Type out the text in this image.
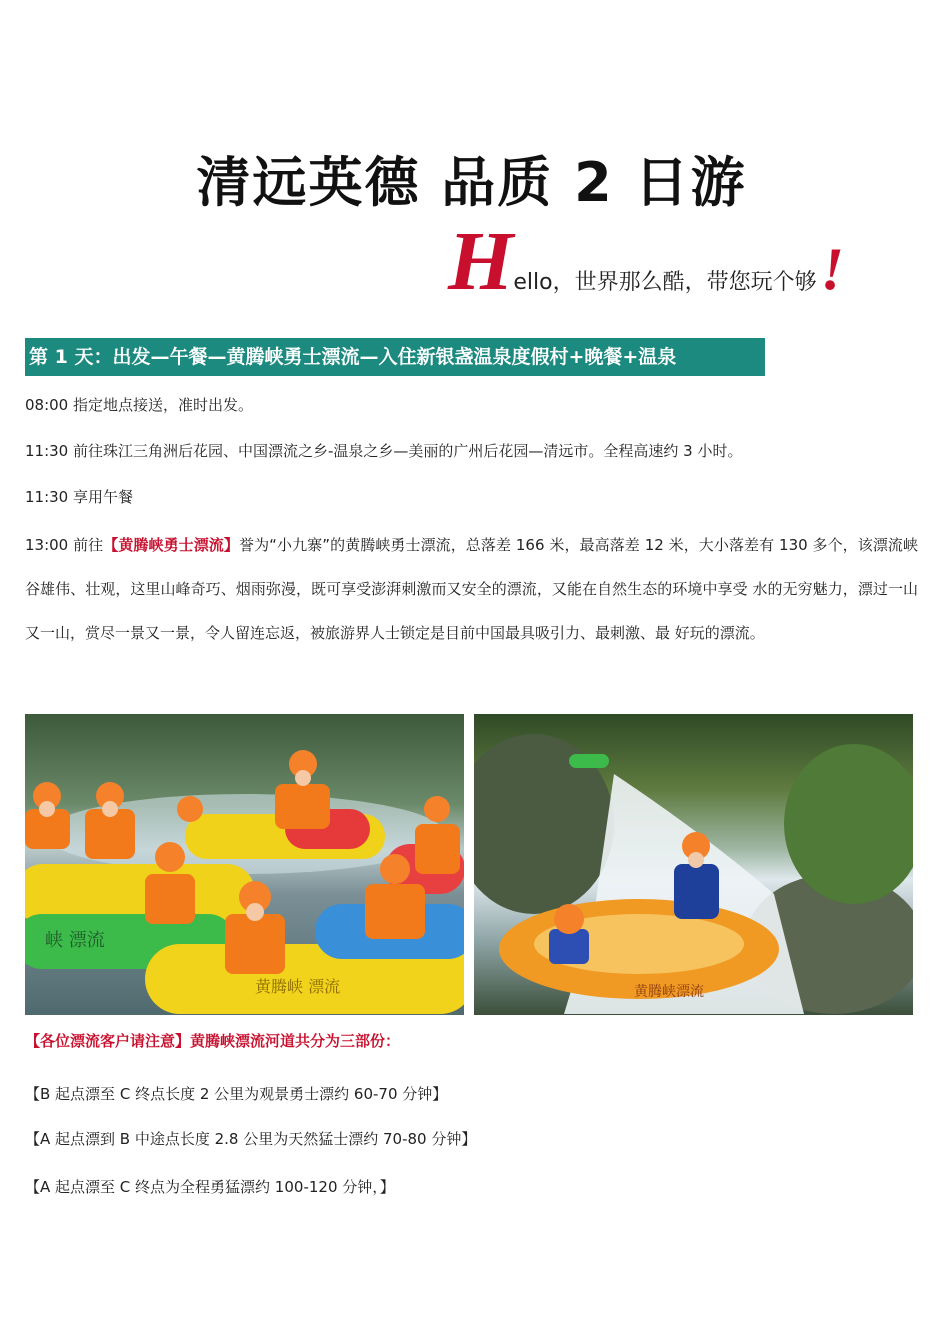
清远英德 品质 2 日游
Hello，世界那么酷，带您玩个够!
第 1 天：出发—午餐—黄腾峡勇士漂流—入住新银盏温泉度假村+晚餐+温泉
08:00 指定地点接送，准时出发。
11:30 前往珠江三角洲后花园、中国漂流之乡-温泉之乡—美丽的广州后花园—清远市。全程高速约 3 小时。
11:30 享用午餐
13:00 前往【黄腾峡勇士漂流】誉为“小九寨”的黄腾峡勇士漂流，总落差 166 米，最高落差 12 米，大小落差有 130 多个，该漂流峡谷雄伟、壮观，这里山峰奇巧、烟雨弥漫，既可享受澎湃刺激而又安全的漂流，又能在自然生态的环境中享受 水的无穷魅力，漂过一山又一山，赏尽一景又一景，令人留连忘返，被旅游界人士锁定是目前中国最具吸引力、最刺激、最 好玩的漂流。
峡 漂流
黄腾峡 漂流	黄腾峡漂流
【各位漂流客户请注意】黄腾峡漂流河道共分为三部份：
【B 起点漂至 C 终点长度 2 公里为观景勇士漂约 60-70 分钟】
【A 起点漂到 B 中途点长度 2.8 公里为天然猛士漂约 70-80 分钟】
【A 起点漂至 C 终点为全程勇猛漂约 100-120 分钟，】
